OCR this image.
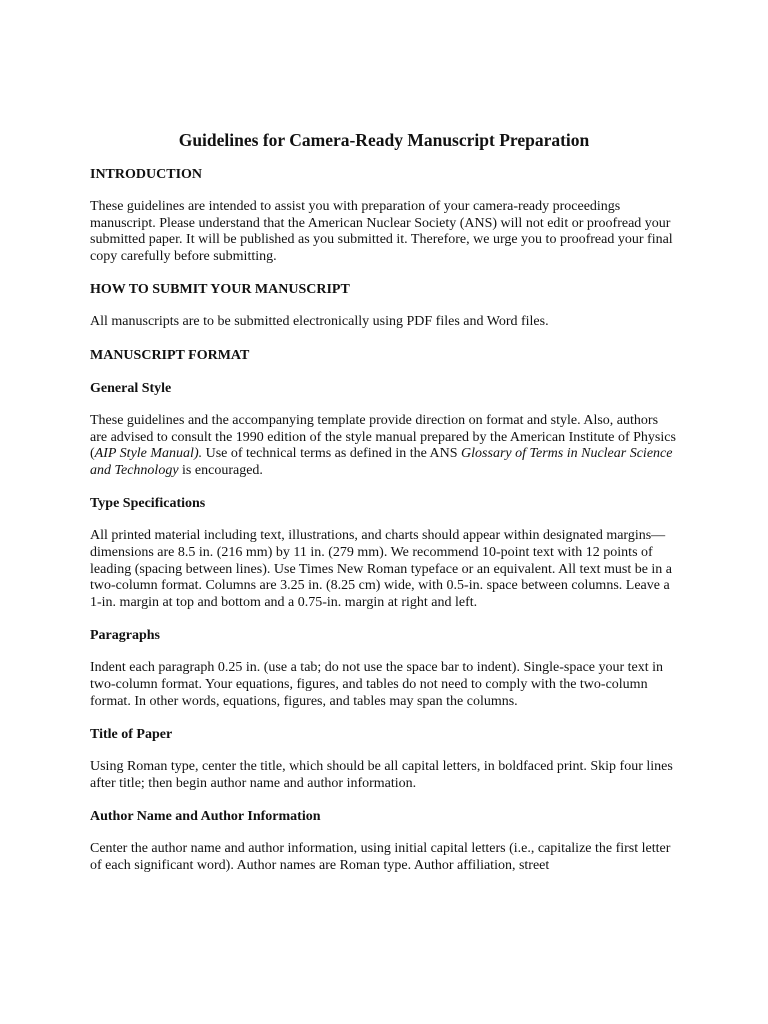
Guidelines for Camera-Ready Manuscript Preparation
INTRODUCTION

These guidelines are intended to assist you with preparation of your camera-ready proceedings manuscript. Please understand that the American Nuclear Society (ANS) will not edit or proofread your submitted paper. It will be published as you submitted it. Therefore, we urge you to proofread your final copy carefully before submitting.

HOW TO SUBMIT YOUR MANUSCRIPT

All manuscripts are to be submitted electronically using PDF files and Word files.

MANUSCRIPT FORMAT
General Style

These guidelines and the accompanying template provide direction on format and style. Also, authors are advised to consult the 1990 edition of the style manual prepared by the American Institute of Physics (AIP Style Manual). Use of technical terms as defined in the ANS Glossary of Terms in Nuclear Science and Technology is encouraged.

Type Specifications

All printed material including text, illustrations, and charts should appear within designated margins—dimensions are 8.5 in. (216 mm) by 11 in. (279 mm). We recommend 10-point text with 12 points of leading (spacing between lines). Use Times New Roman typeface or an equivalent. All text must be in a two-column format. Columns are 3.25 in. (8.25 cm) wide, with 0.5-in. space between columns. Leave a 1-in. margin at top and bottom and a 0.75-in. margin at right and left.

Paragraphs

Indent each paragraph 0.25 in. (use a tab; do not use the space bar to indent). Single-space your text in two-column format. Your equations, figures, and tables do not need to comply with the two-column format. In other words, equations, figures, and tables may span the columns.

Title of Paper

Using Roman type, center the title, which should be all capital letters, in boldfaced print. Skip four lines after title; then begin author name and author information.

Author Name and Author Information

Center the author name and author information, using initial capital letters (i.e., capitalize the first letter of each significant word). Author names are Roman type. Author affiliation, street
